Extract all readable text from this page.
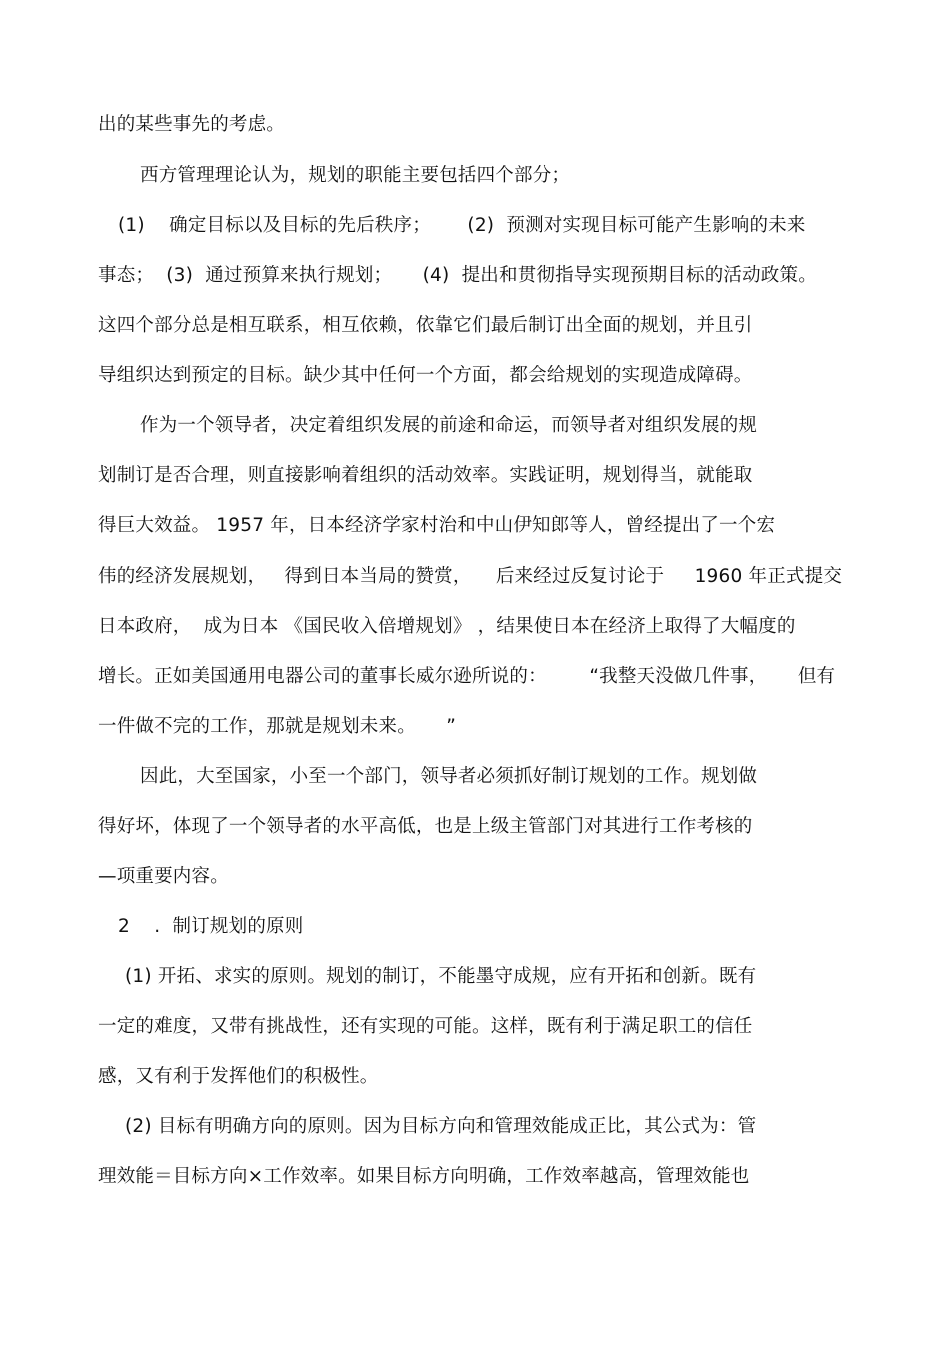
出的某些事先的考虑。
西方管理理论认为，规划的职能主要包括四个部分；
(1)    确定目标以及目标的先后秩序；      (2)  预测对实现目标可能产生影响的未来
事态；  (3)  通过预算来执行规划；     (4)  提出和贯彻指导实现预期目标的活动政策。
这四个部分总是相互联系，相互依赖，依靠它们最后制订出全面的规划，并且引
导组织达到预定的目标。缺少其中任何一个方面，都会给规划的实现造成障碍。
作为一个领导者，决定着组织发展的前途和命运，而领导者对组织发展的规
划制订是否合理，则直接影响着组织的活动效率。实践证明，规划得当，就能取
得巨大效益。 1957 年，日本经济学家村治和中山伊知郎等人，曾经提出了一个宏
伟的经济发展规划，   得到日本当局的赞赏，    后来经过反复讨论于     1960 年正式提交
日本政府，  成为日本 《国民收入倍增规划》 ，结果使日本在经济上取得了大幅度的
增长。正如美国通用电器公司的董事长威尔逊所说的：       “我整天没做几件事，     但有
一件做不完的工作，那就是规划未来。     ”
因此，大至国家，小至一个部门，领导者必须抓好制订规划的工作。规划做
得好坏，体现了一个领导者的水平高低，也是上级主管部门对其进行工作考核的
—项重要内容。
2    .  制订规划的原则
(1) 开拓、求实的原则。规划的制订，不能墨守成规，应有开拓和创新。既有
一定的难度，又带有挑战性，还有实现的可能。这样，既有利于满足职工的信任
感，又有利于发挥他们的积极性。
(2) 目标有明确方向的原则。因为目标方向和管理效能成正比，其公式为：管
理效能＝目标方向×工作效率。如果目标方向明确，工作效率越高，管理效能也
